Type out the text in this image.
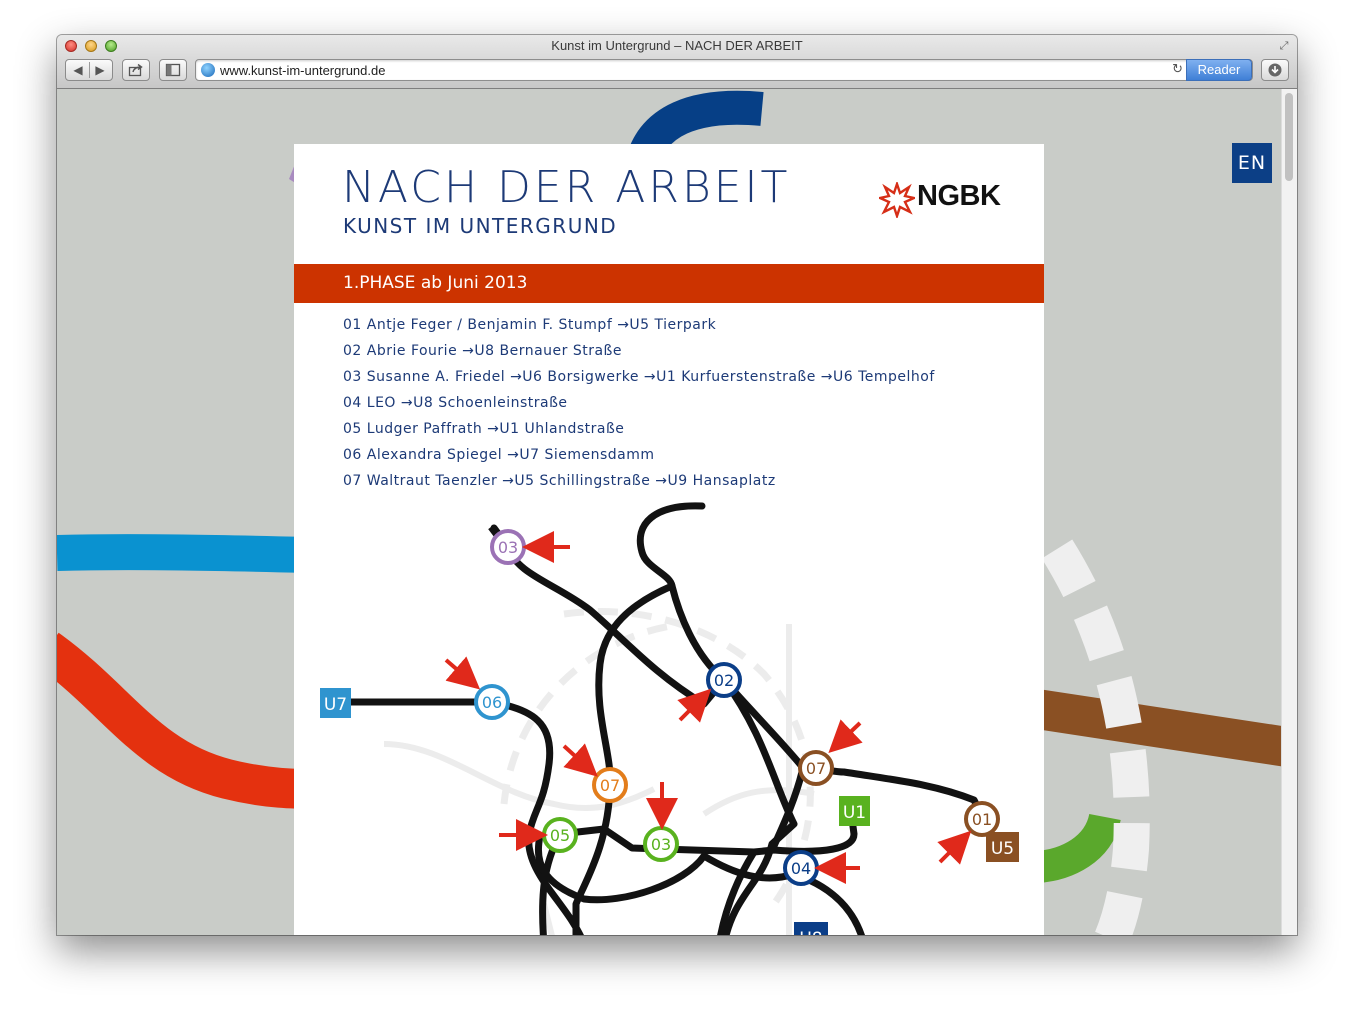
Kunst im Untergrund – NACH DER ARBEIT	⤢
◀ ▶	www.kunst-im-untergrund.de	↻	Reader
EN
NACH DER ARBEIT
KUNST IM UNTERGRUND
NGBK
1.PHASE ab Juni 2013
01 Antje Feger / Benjamin F. Stumpf →U5 Tierpark
02 Abrie Fourie →U8 Bernauer Straße
03 Susanne A. Friedel →U6 Borsigwerke →U1 Kurfuerstenstraße →U6 Tempelhof
04 LEO →U8 Schoenleinstraße
05 Ludger Paffrath →U1 Uhlandstraße
06 Alexandra Spiegel →U7 Siemensdamm
07 Waltraut Taenzler →U5 Schillingstraße →U9 Hansaplatz
U7
U1
U5
U8
03
02
06
07
05	03
04
07
01
